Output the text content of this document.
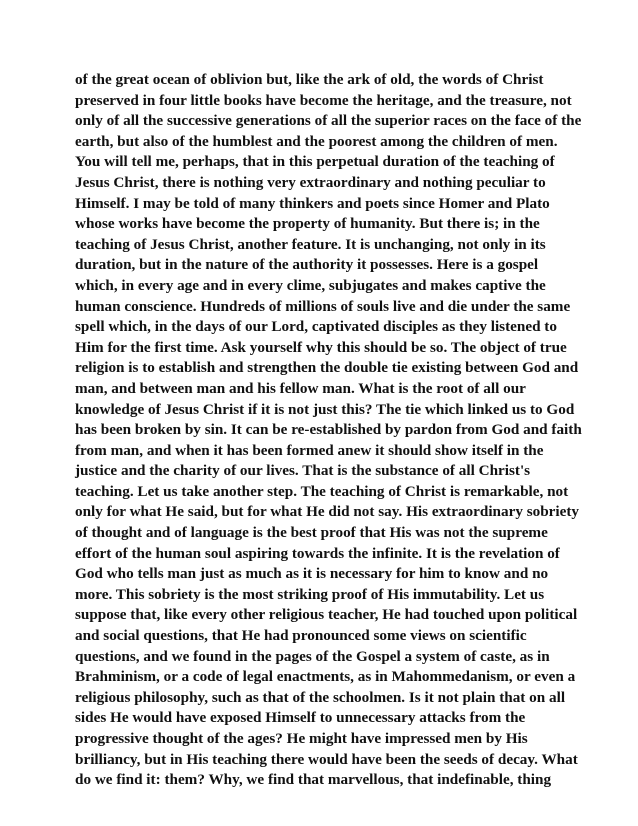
of the great ocean of oblivion but, like the ark of old, the words of Christ
preserved in four little books have become the heritage, and the treasure, not
only of all the successive generations of all the superior races on the face of the
earth, but also of the humblest and the poorest among the children of men.
You will tell me, perhaps, that in this perpetual duration of the teaching of
Jesus Christ, there is nothing very extraordinary and nothing peculiar to
Himself. I may be told of many thinkers and poets since Homer and Plato
whose works have become the property of humanity. But there is; in the
teaching of Jesus Christ, another feature. It is unchanging, not only in its
duration, but in the nature of the authority it possesses. Here is a gospel
which, in every age and in every clime, subjugates and makes captive the
human conscience. Hundreds of millions of souls live and die under the same
spell which, in the days of our Lord, captivated disciples as they listened to
Him for the first time. Ask yourself why this should be so. The object of true
religion is to establish and strengthen the double tie existing between God and
man, and between man and his fellow man. What is the root of all our
knowledge of Jesus Christ if it is not just this? The tie which linked us to God
has been broken by sin. It can be re-established by pardon from God and faith
from man, and when it has been formed anew it should show itself in the
justice and the charity of our lives. That is the substance of all Christ's
teaching. Let us take another step. The teaching of Christ is remarkable, not
only for what He said, but for what He did not say. His extraordinary sobriety
of thought and of language is the best proof that His was not the supreme
effort of the human soul aspiring towards the infinite. It is the revelation of
God who tells man just as much as it is necessary for him to know and no
more. This sobriety is the most striking proof of His immutability. Let us
suppose that, like every other religious teacher, He had touched upon political
and social questions, that He had pronounced some views on scientific
questions, and we found in the pages of the Gospel a system of caste, as in
Brahminism, or a code of legal enactments, as in Mahommedanism, or even a
religious philosophy, such as that of the schoolmen. Is it not plain that on all
sides He would have exposed Himself to unnecessary attacks from the
progressive thought of the ages? He might have impressed men by His
brilliancy, but in His teaching there would have been the seeds of decay. What
do we find it: them? Why, we find that marvellous, that indefinable, thing
